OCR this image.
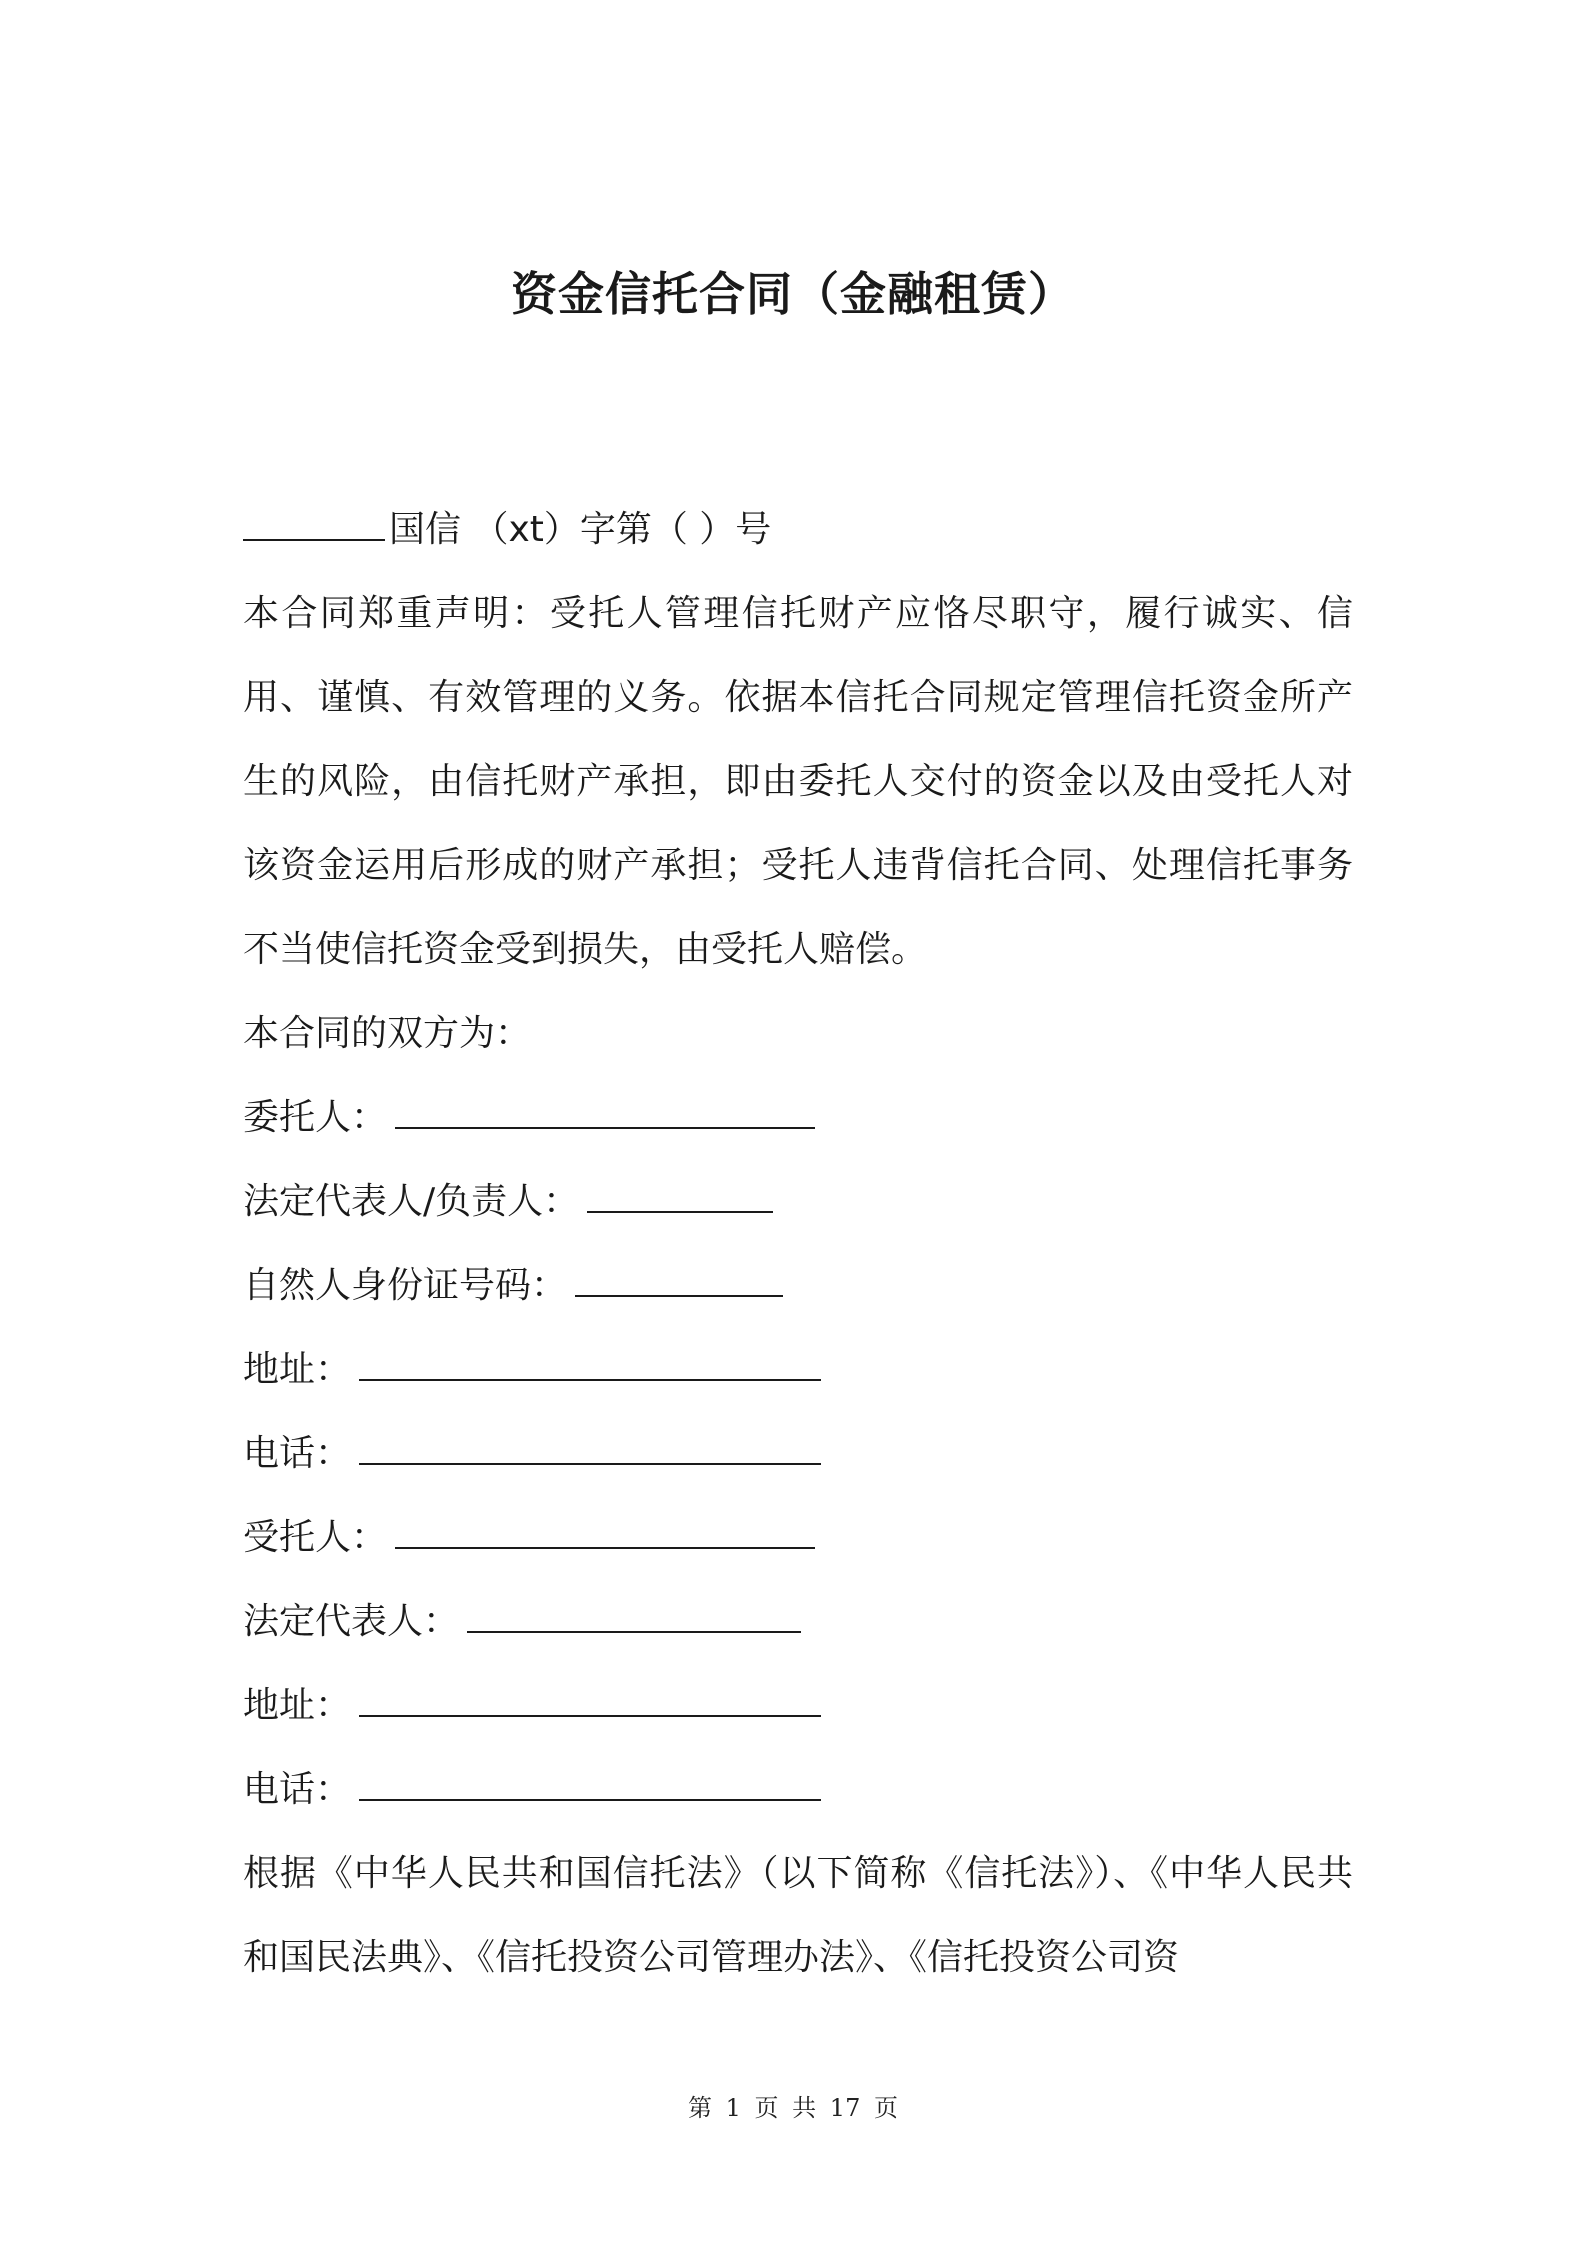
资金信托合同（金融租赁）

国信 （xt）字第（ ）号

本合同郑重声明：受托人管理信托财产应恪尽职守，履行诚实、信用、谨慎、有效管理的义务。依据本信托合同规定管理信托资金所产生的风险，由信托财产承担，即由委托人交付的资金以及由受托人对该资金运用后形成的财产承担；受托人违背信托合同、处理信托事务不当使信托资金受到损失，由受托人赔偿。

本合同的双方为：

委托人：

法定代表人/负责人：

自然人身份证号码：

地址：

电话：

受托人：

法定代表人：

地址：

电话：

根据《中华人民共和国信托法》（以下简称《信托法》）、《中华人民共和国民法典》、《信托投资公司管理办法》、《信托投资公司资

第 1 页 共 17 页
